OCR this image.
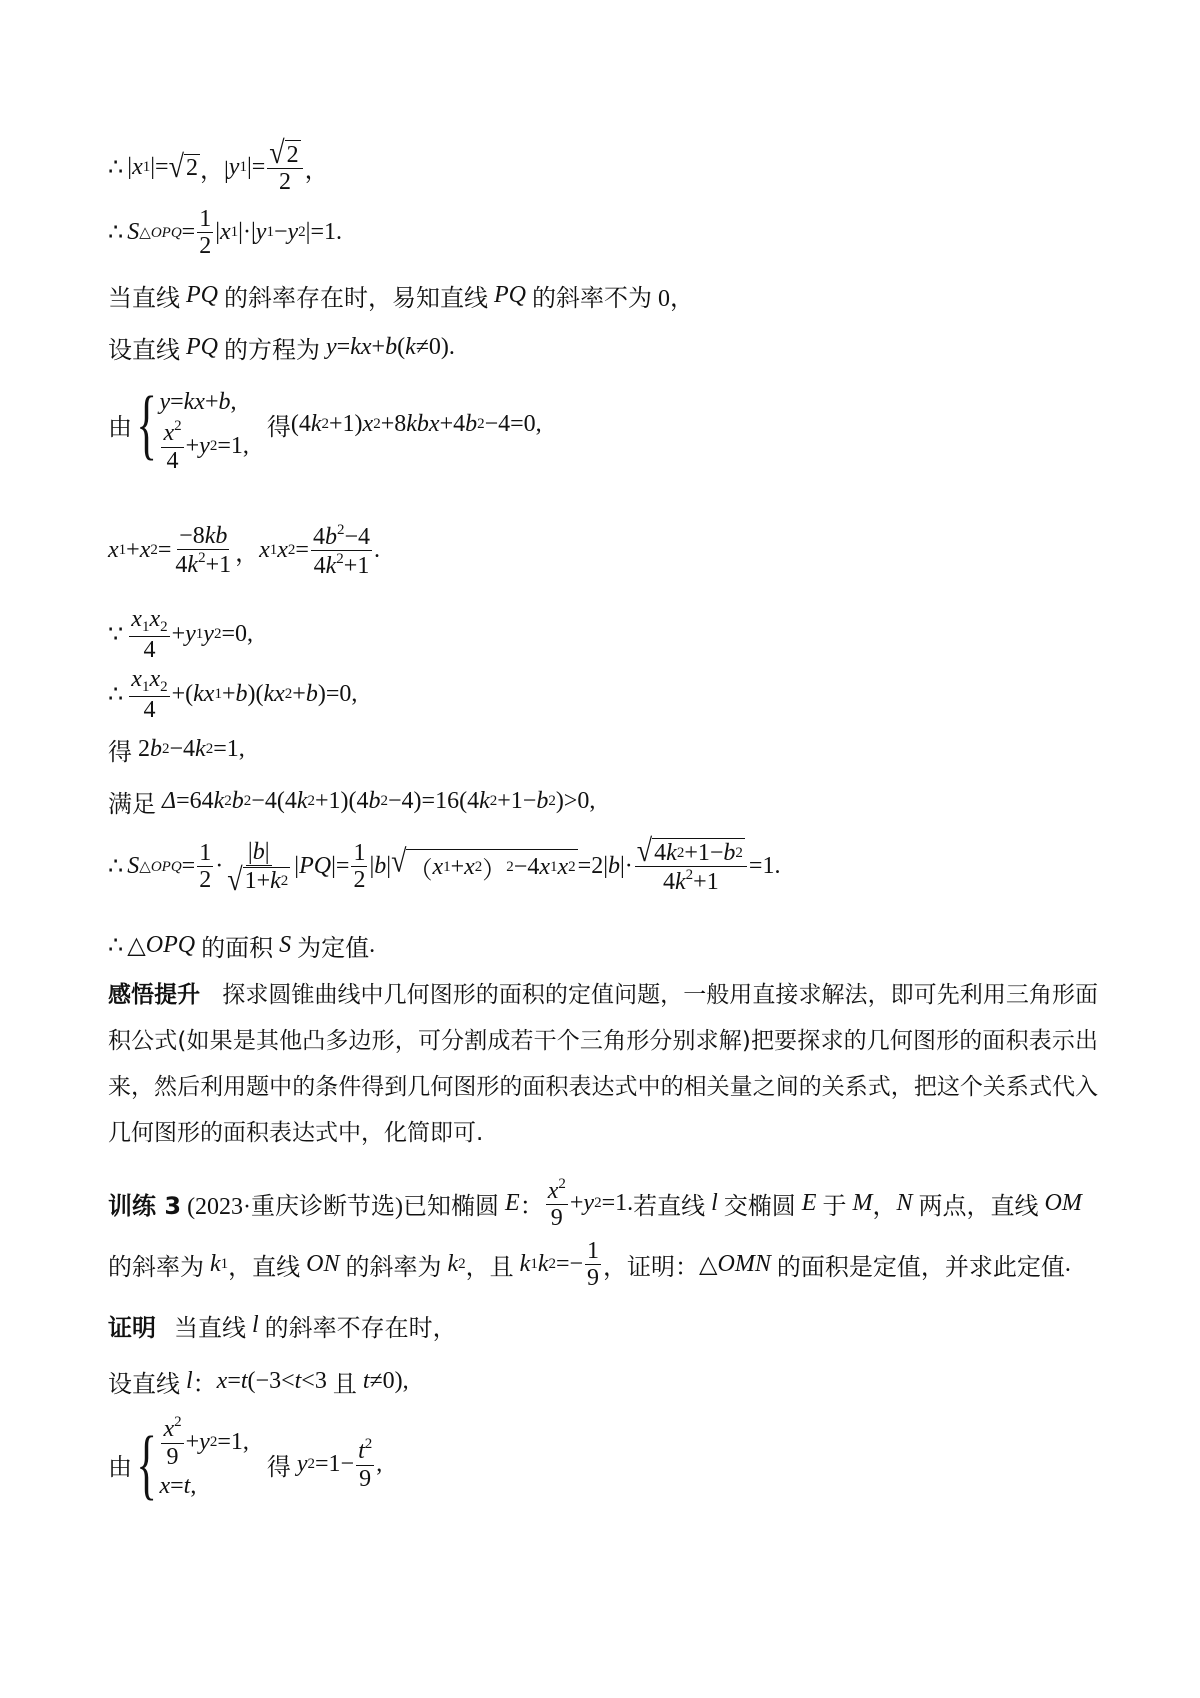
∴ | x 1 |= √ 2 ，| y 1 |= $\frac{√ 2}{2}$ ，
∴ S △OPQ = $\frac{1}{2}$ | x 1 |·| y 1 − y 2 |=1.
当直线
PQ
的斜率存在时，易知直线
PQ
的斜率不为 0，
设直线
PQ
的方程为
y = kx + b ( k ≠0).
由 { y = kx + b ,
$\frac{x^2}{4} + y$ 2 =1,
得 (4 k 2 +1) x 2 +8 kbx +4 b 2 −4=0,
x 1 + x $2 = \frac{-8kb}{4k^2+1}$ ， x 1 x $2 = \frac{4b^2-4}{4k^2+1}$ .
∵ $\frac{x_1x_2}{4} + y$ 1 y 2 =0,
∴ $\frac{x_1x_2}{4}$ +( kx 1 + b )( kx 2 + b )=0,
得 2 b 2 −4 k 2 =1,
满足
Δ =64 k 2 b 2 −4(4 k 2 +1)(4 b 2 −4)=16(4 k 2 +1− b 2 )>0,
∴ S △OPQ = $\frac{1}{2} \cdot \frac{|b|}{√ 1+ k 2}$ | PQ |= $\frac{1}{2}$ | b | √ （ x 1 + x 2 ） 2 −4 x 1 x 2 =2| b |· $\frac{√ 4 k 2 +1- b 2}{4k^2+1} =1$.
∴ △ OPQ
的面积
S
为定值 .
感悟提升 探求圆锥曲线中几何图形的面积的定值问题，一般用直接求解法，即可先利用三角形面积公式(如果是其他凸多边形，可分割成若干个三角形分别求解)把要探求的几何图形的面积表示出来，然后利用题中的条件得到几何图形的面积表达式中的相关量之间的关系式，把这个关系式代入几何图形的面积表达式中，化简即可.
训练 3
(2023·重庆诊断节选) 已知椭圆
E ： $\frac{x^2}{9} + y$ 2 =1. 若直线
l
交椭圆
E
于
M ， N
两点，直线
OM
的斜率为
k 1 ， 直线
ON
的斜率为
k 2 ， 且
k 1 k $2 =- \frac{1}{9}$ ， 证明： △ OMN
的面积是定值，并求此定值 .
证明
当直线
l
的斜率不存在时 ，
设直线
l ： x = t (−3< t <3 且
t ≠0),
由 { $\frac{x^2}{9} + y$ 2 =1,
x = t ,
得
y $2 =1- \frac{t^2}{9}$ ,
